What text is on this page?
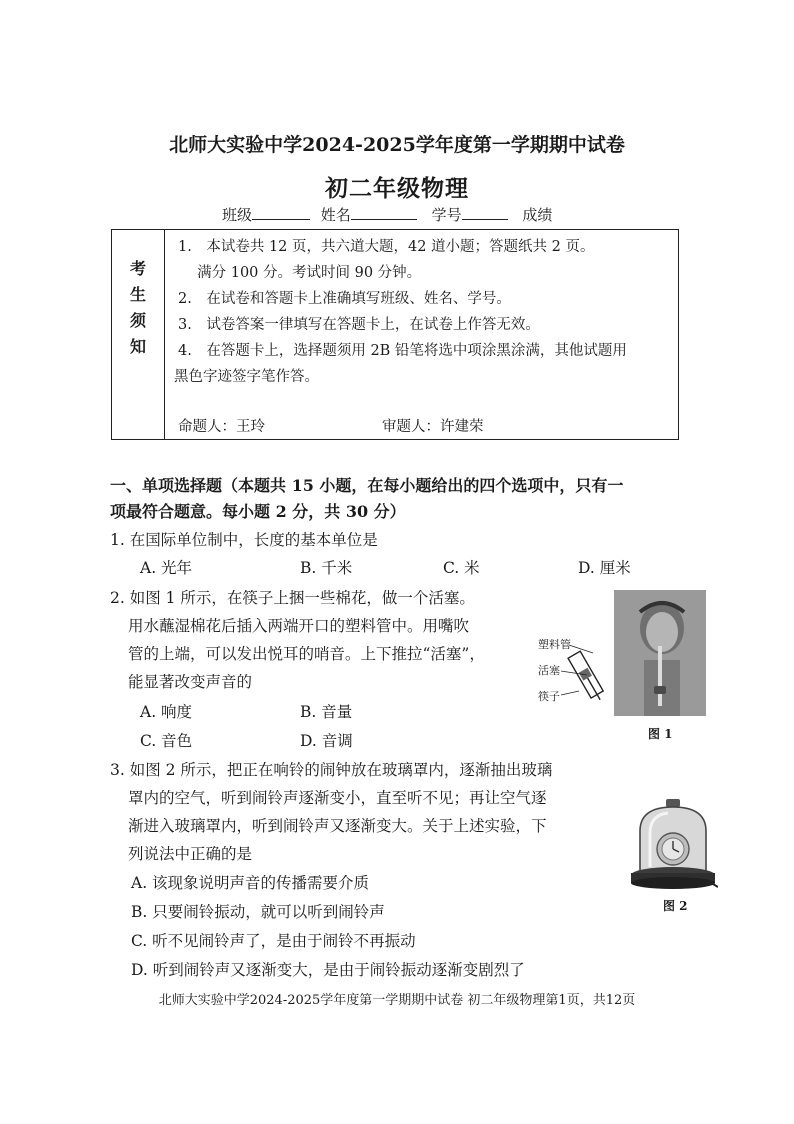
北师大实验中学2024-2025学年度第一学期期中试卷
初二年级物理
班级	姓名	学号	成绩
考
生
须
知
1.　本试卷共 12 页，共六道大题，42 道小题；答题纸共 2 页。
　 满分 100 分。考试时间 90 分钟。
2.　在试卷和答题卡上准确填写班级、姓名、学号。
3.　试卷答案一律填写在答题卡上，在试卷上作答无效。
4.　在答题卡上，选择题须用 2B 铅笔将选中项涂黑涂满，其他试题用
黑色字迹签字笔作答。
命题人：王玲	审题人：许建荣
一、单项选择题（本题共 15 小题，在每小题给出的四个选项中，只有一
项最符合题意。每小题 2 分，共 30 分）
1. 在国际单位制中，长度的基本单位是
A. 光年	B. 千米	C. 米	D. 厘米
2. 如图 1 所示，在筷子上捆一些棉花，做一个活塞。
用水蘸湿棉花后插入两端开口的塑料管中。用嘴吹
管的上端，可以发出悦耳的哨音。上下推拉“活塞”，
能显著改变声音的
A. 响度	B. 音量
C. 音色	D. 音调
塑料管
活塞
筷子
图 1
3. 如图 2 所示，把正在响铃的闹钟放在玻璃罩内，逐渐抽出玻璃
罩内的空气，听到闹铃声逐渐变小，直至听不见；再让空气逐
渐进入玻璃罩内，听到闹铃声又逐渐变大。关于上述实验，下
列说法中正确的是
A. 该现象说明声音的传播需要介质
B. 只要闹铃振动，就可以听到闹铃声
C. 听不见闹铃声了，是由于闹铃不再振动
D. 听到闹铃声又逐渐变大，是由于闹铃振动逐渐变剧烈了
图 2
北师大实验中学2024-2025学年度第一学期期中试卷 初二年级物理第1页，共12页
